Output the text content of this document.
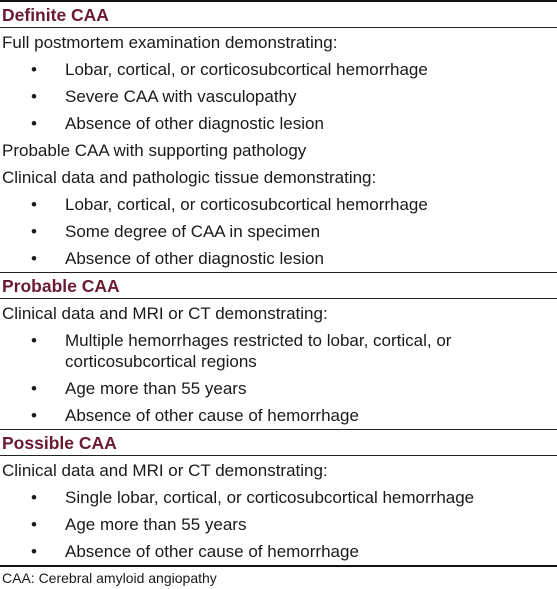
Definite CAA
Full postmortem examination demonstrating:
• Lobar, cortical, or corticosubcortical hemorrhage
• Severe CAA with vasculopathy
• Absence of other diagnostic lesion
Probable CAA with supporting pathology
Clinical data and pathologic tissue demonstrating:
• Lobar, cortical, or corticosubcortical hemorrhage
• Some degree of CAA in specimen
• Absence of other diagnostic lesion
Probable CAA
Clinical data and MRI or CT demonstrating:
• Multiple hemorrhages restricted to lobar, cortical, or corticosubcortical regions
• Age more than 55 years
• Absence of other cause of hemorrhage
Possible CAA
Clinical data and MRI or CT demonstrating:
• Single lobar, cortical, or corticosubcortical hemorrhage
• Age more than 55 years
• Absence of other cause of hemorrhage
CAA: Cerebral amyloid angiopathy
